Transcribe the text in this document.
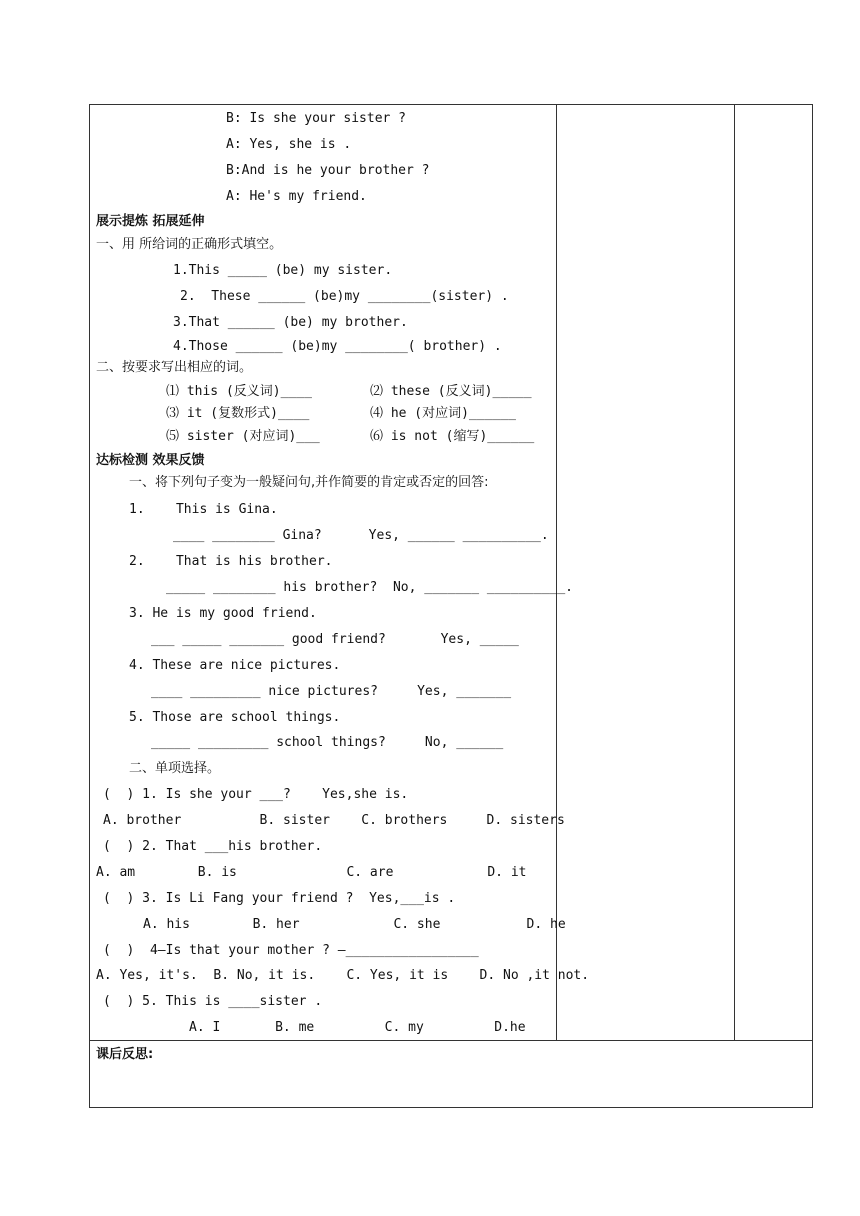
B: Is she your sister ?
A: Yes, she is .
B:And is he your brother ?
A: He's my friend.
展示提炼 拓展延伸
一、用 所给词的正确形式填空。
1.This _____ (be) my sister.
2.  These ______ (be)my ________(sister) .
3.That ______ (be) my brother.
4.Those ______ (be)my ________( brother) .
二、按要求写出相应的词。
⑴ this (反义词)____	⑵ these (反义词)_____
⑶ it (复数形式)____	⑷ he (对应词)______
⑸ sister (对应词)___	⑹ is not (缩写)______
达标检测 效果反馈
一、将下列句子变为一般疑问句,并作简要的肯定或否定的回答:
1.    This is Gina.
____ ________ Gina?      Yes, ______ __________.
2.    That is his brother.
_____ ________ his brother?  No, _______ __________.
3. He is my good friend.
___ _____ _______ good friend?       Yes, _____
4. These are nice pictures.
____ _________ nice pictures?     Yes, _______
5. Those are school things.
_____ _________ school things?     No, ______
二、单项选择。
(  ) 1. Is she your ___?    Yes,she is.
A. brother          B. sister    C. brothers     D. sisters
(  ) 2. That ___his brother.
A. am        B. is              C. are            D. it
(  ) 3. Is Li Fang your friend ?  Yes,___is .
A. his        B. her            C. she           D. he
(  )  4—Is that your mother ? —_________________
A. Yes, it's.  B. No, it is.    C. Yes, it is    D. No ,it not.
(  ) 5. This is ____sister .
A. I       B. me         C. my         D.he
课后反思:
